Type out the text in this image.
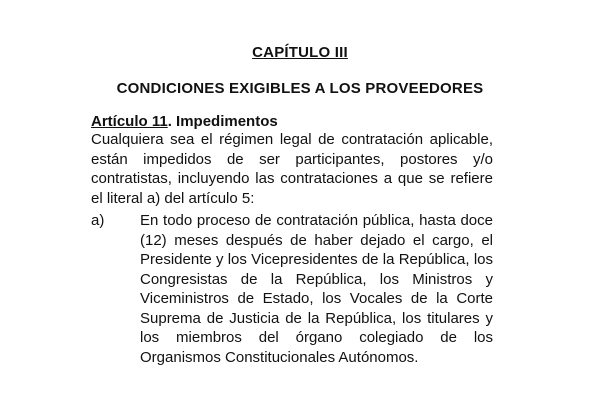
CAPÍTULO III
CONDICIONES EXIGIBLES A LOS PROVEEDORES
Artículo 11. Impedimentos
Cualquiera sea el régimen legal de contratación aplicable, están impedidos de ser participantes, postores y/o contratistas, incluyendo las contrataciones a que se refiere el literal a) del artículo 5:
a) En todo proceso de contratación pública, hasta doce (12) meses después de haber dejado el cargo, el Presidente y los Vicepresidentes de la República, los Congresistas de la República, los Ministros y Viceministros de Estado, los Vocales de la Corte Suprema de Justicia de la República, los titulares y los miembros del órgano colegiado de los Organismos Constitucionales Autónomos.
